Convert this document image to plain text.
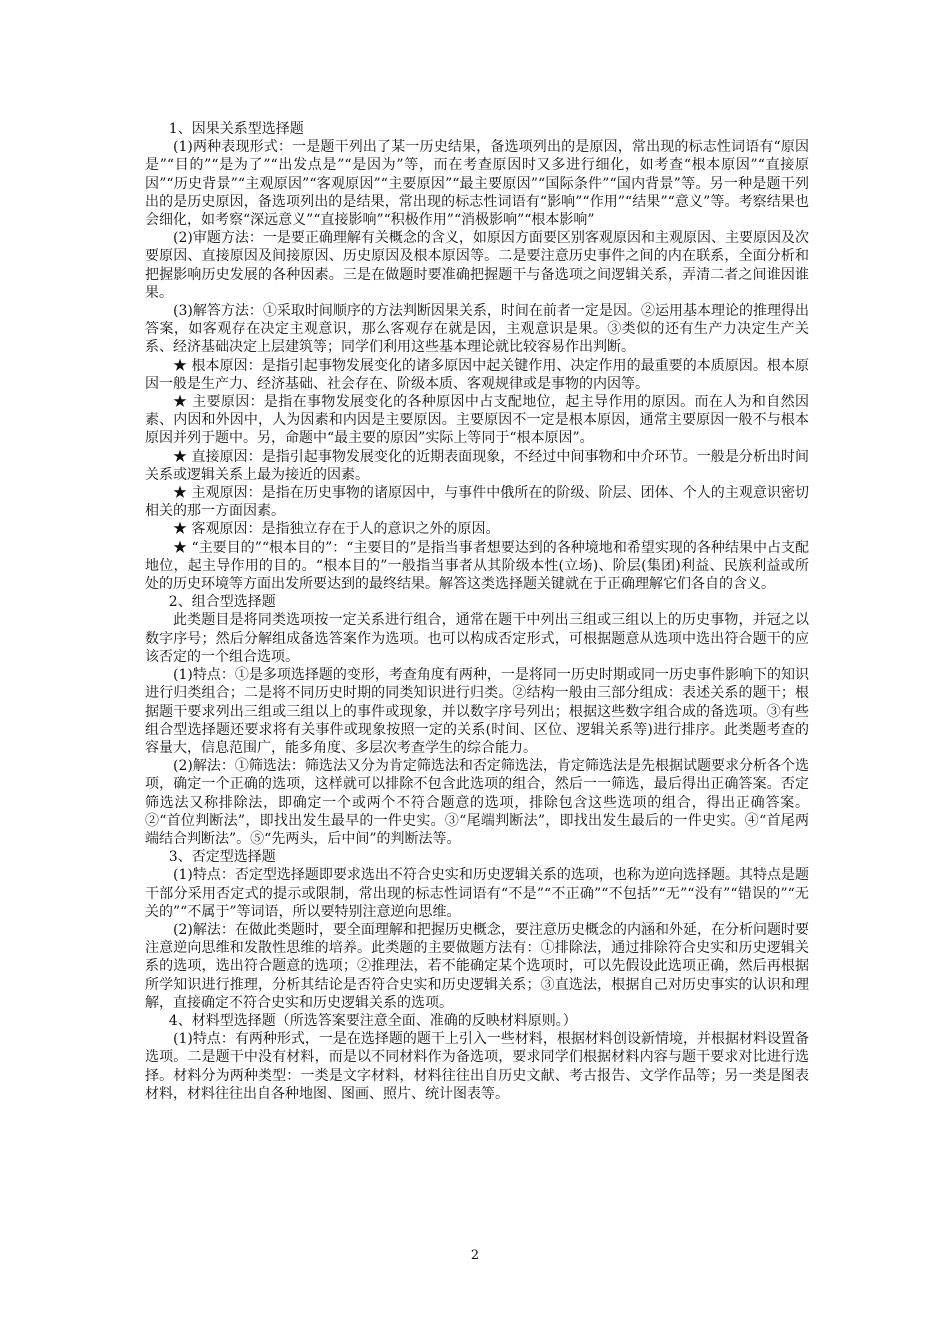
1、因果关系型选择题

(1)两种表现形式：一是题干列出了某一历史结果，备选项列出的是原因，常出现的标志性词语有“原因是”“目的”“是为了”“出发点是”“是因为”等，而在考查原因时又多进行细化，如考查“根本原因”“直接原因”“历史背景”“主观原因”“客观原因”“主要原因”“最主要原因”“国际条件”“国内背景”等。另一种是题干列出的是历史原因，备选项列出的是结果，常出现的标志性词语有“影响”“作用”“结果”“意义”等。考察结果也会细化，如考察“深远意义”“直接影响”“积极作用”“消极影响”“根本影响”

(2)审题方法：一是要正确理解有关概念的含义，如原因方面要区别客观原因和主观原因、主要原因及次要原因、直接原因及间接原因、历史原因及根本原因等。二是要注意历史事件之间的内在联系，全面分析和把握影响历史发展的各种因素。三是在做题时要准确把握题干与备选项之间逻辑关系，弄清二者之间谁因谁果。

(3)解答方法：①采取时间顺序的方法判断因果关系，时间在前者一定是因。②运用基本理论的推理得出答案，如客观存在决定主观意识，那么客观存在就是因，主观意识是果。③类似的还有生产力决定生产关系、经济基础决定上层建筑等；同学们利用这些基本理论就比较容易作出判断。

★ 根本原因：是指引起事物发展变化的诸多原因中起关键作用、决定作用的最重要的本质原因。根本原因一般是生产力、经济基础、社会存在、阶级本质、客观规律或是事物的内因等。

★ 主要原因：是指在事物发展变化的各种原因中占支配地位，起主导作用的原因。而在人为和自然因素、内因和外因中，人为因素和内因是主要原因。主要原因不一定是根本原因，通常主要原因一般不与根本原因并列于题中。另，命题中“最主要的原因”实际上等同于“根本原因”。

★ 直接原因：是指引起事物发展变化的近期表面现象，不经过中间事物和中介环节。一般是分析出时间关系或逻辑关系上最为接近的因素。

★ 主观原因：是指在历史事物的诸原因中，与事件中俄所在的阶级、阶层、团体、个人的主观意识密切相关的那一方面因素。

★ 客观原因：是指独立存在于人的意识之外的原因。

★ “主要目的”“根本目的”：“主要目的”是指当事者想要达到的各种境地和希望实现的各种结果中占支配地位，起主导作用的目的。“根本目的”一般指当事者从其阶级本性(立场)、阶层(集团)利益、民族利益或所处的历史环境等方面出发所要达到的最终结果。解答这类选择题关键就在于正确理解它们各自的含义。

2、组合型选择题

此类题目是将同类选项按一定关系进行组合，通常在题干中列出三组或三组以上的历史事物，并冠之以数字序号；然后分解组成备选答案作为选项。也可以构成否定形式，可根据题意从选项中选出符合题干的应该否定的一个组合选项。

(1)特点：①是多项选择题的变形，考查角度有两种，一是将同一历史时期或同一历史事件影响下的知识进行归类组合；二是将不同历史时期的同类知识进行归类。②结构一般由三部分组成：表述关系的题干；根据题干要求列出三组或三组以上的事件或现象，并以数字序号列出；根据这些数字组合成的备选项。③有些组合型选择题还要求将有关事件或现象按照一定的关系(时间、区位、逻辑关系等)进行排序。此类题考查的容量大，信息范围广，能多角度、多层次考查学生的综合能力。

(2)解法：①筛选法：筛选法又分为肯定筛选法和否定筛选法，肯定筛选法是先根据试题要求分析各个选项，确定一个正确的选项，这样就可以排除不包含此选项的组合，然后一一筛选，最后得出正确答案。否定筛选法又称排除法，即确定一个或两个不符合题意的选项，排除包含这些选项的组合，得出正确答案。②“首位判断法”，即找出发生最早的一件史实。③“尾端判断法”，即找出发生最后的一件史实。④“首尾两端结合判断法”。⑤“先两头，后中间”的判断法等。

3、否定型选择题

(1)特点：否定型选择题即要求选出不符合史实和历史逻辑关系的选项，也称为逆向选择题。其特点是题干部分采用否定式的提示或限制，常出现的标志性词语有“不是”“不正确”“不包括”“无”“没有”“错误的”“无关的”“不属于”等词语，所以要特别注意逆向思维。

(2)解法：在做此类题时，要全面理解和把握历史概念，要注意历史概念的内涵和外延，在分析问题时要注意逆向思维和发散性思维的培养。此类题的主要做题方法有：①排除法，通过排除符合史实和历史逻辑关系的选项，选出符合题意的选项；②推理法，若不能确定某个选项时，可以先假设此选项正确，然后再根据所学知识进行推理，分析其结论是否符合史实和历史逻辑关系；③直选法，根据自己对历史事实的认识和理解，直接确定不符合史实和历史逻辑关系的选项。

4、材料型选择题（所选答案要注意全面、准确的反映材料原则。）

(1)特点：有两种形式，一是在选择题的题干上引入一些材料，根据材料创设新情境，并根据材料设置备选项。二是题干中没有材料，而是以不同材料作为备选项，要求同学们根据材料内容与题干要求对比进行选择。材料分为两种类型：一类是文字材料，材料往往出自历史文献、考古报告、文学作品等；另一类是图表材料，材料往往出自各种地图、图画、照片、统计图表等。

2
